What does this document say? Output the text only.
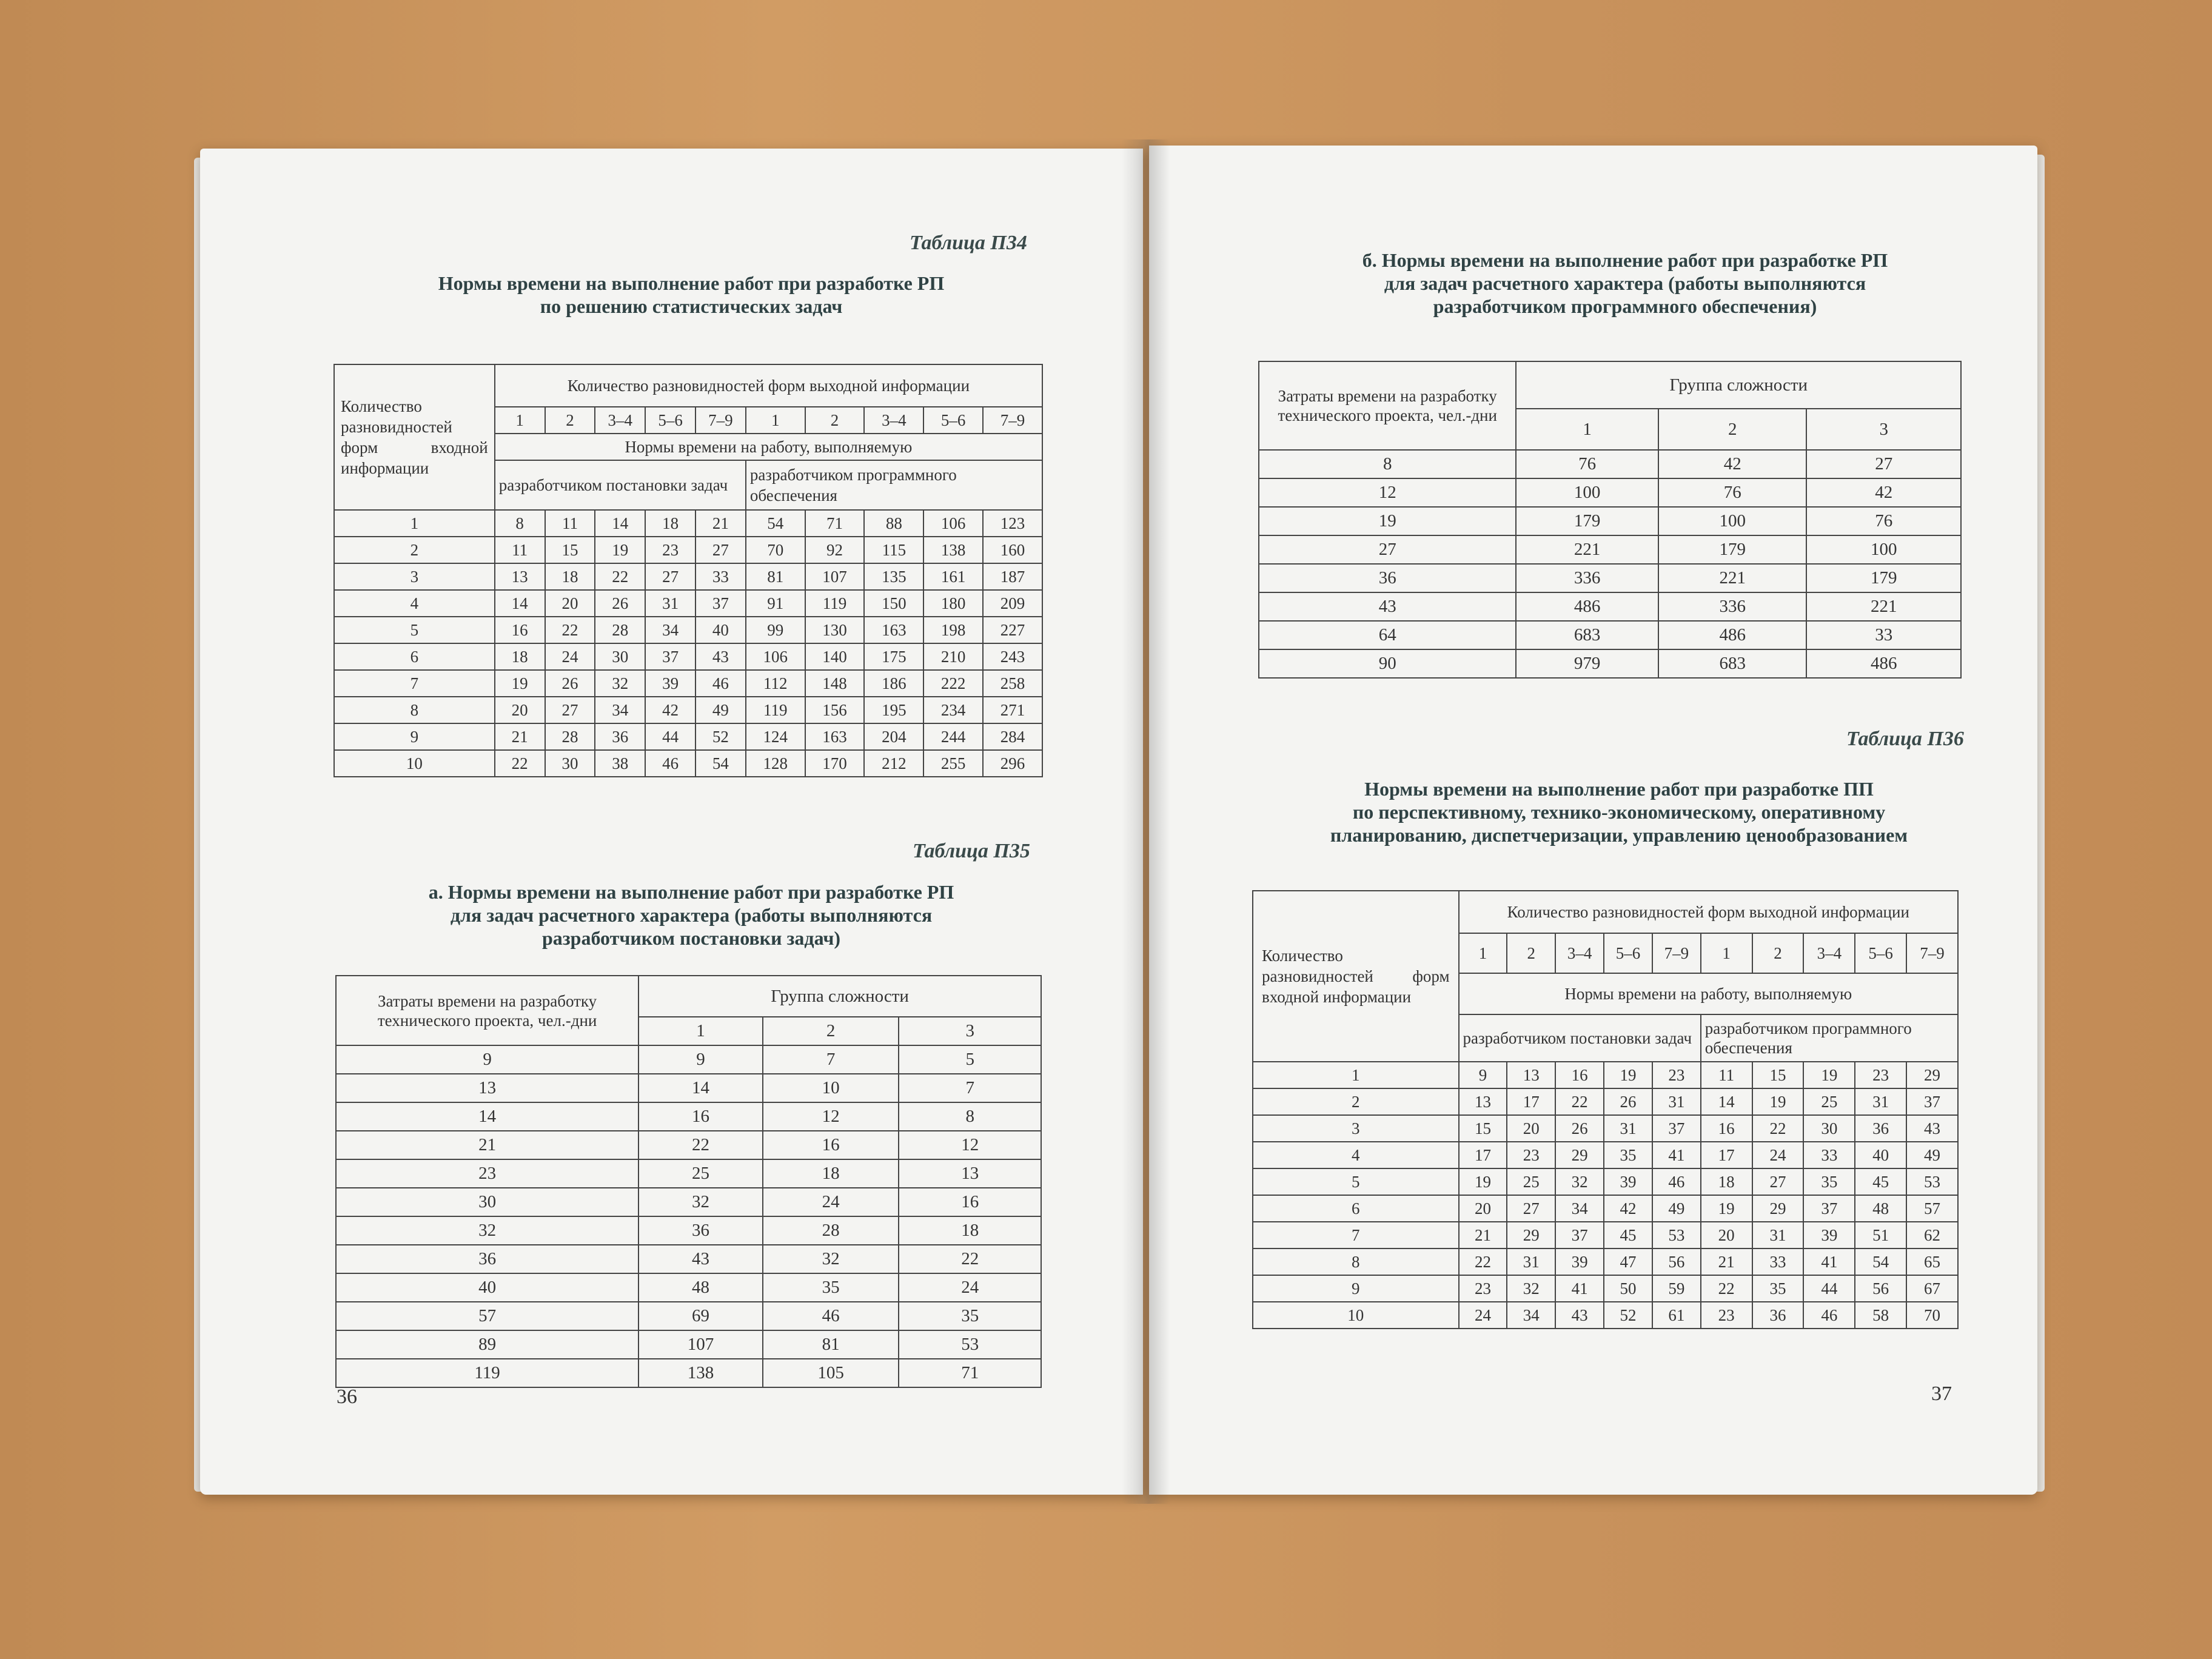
Таблица П34
Нормы времени на выполнение работ при разработке РП
по решению статистических задач
Количество разновидностей форм входной информации	Количество разновидностей форм выходной информации									
	1	2	3–4	5–6	7–9	1	2	3–4	5–6	7–9
	Нормы времени на работу, выполняемую									
	разработчиком постановки задач					разработчиком программного обеспечения				
1	8	11	14	18	21	54	71	88	106	123
2	11	15	19	23	27	70	92	115	138	160
3	13	18	22	27	33	81	107	135	161	187
4	14	20	26	31	37	91	119	150	180	209
5	16	22	28	34	40	99	130	163	198	227
6	18	24	30	37	43	106	140	175	210	243
7	19	26	32	39	46	112	148	186	222	258
8	20	27	34	42	49	119	156	195	234	271
9	21	28	36	44	52	124	163	204	244	284
10	22	30	38	46	54	128	170	212	255	296
Таблица П35
а. Нормы времени на выполнение работ при разработке РП
для задач расчетного характера (работы выполняются
разработчиком постановки задач)
Затраты времени на разработку технического проекта, чел.-дни	Группа сложности		
	1	2	3
9	9	7	5
13	14	10	7
14	16	12	8
21	22	16	12
23	25	18	13
30	32	24	16
32	36	28	18
36	43	32	22
40	48	35	24
57	69	46	35
89	107	81	53
119	138	105	71
36
б. Нормы времени на выполнение работ при разработке РП
для задач расчетного характера (работы выполняются
разработчиком программного обеспечения)
Затраты времени на разработку технического проекта, чел.-дни	Группа сложности		
	1	2	3
8	76	42	27
12	100	76	42
19	179	100	76
27	221	179	100
36	336	221	179
43	486	336	221
64	683	486	33
90	979	683	486
Таблица П36
Нормы времени на выполнение работ при разработке ПП
по перспективному, технико-экономическому, оперативному
планированию, диспетчеризации, управлению ценообразованием
Количество разновидностей форм входной информации	Количество разновидностей форм выходной информации									
	1	2	3–4	5–6	7–9	1	2	3–4	5–6	7–9
	Нормы времени на работу, выполняемую									
	разработчиком постановки задач					разработчиком программного обеспечения				
1	9	13	16	19	23	11	15	19	23	29
2	13	17	22	26	31	14	19	25	31	37
3	15	20	26	31	37	16	22	30	36	43
4	17	23	29	35	41	17	24	33	40	49
5	19	25	32	39	46	18	27	35	45	53
6	20	27	34	42	49	19	29	37	48	57
7	21	29	37	45	53	20	31	39	51	62
8	22	31	39	47	56	21	33	41	54	65
9	23	32	41	50	59	22	35	44	56	67
10	24	34	43	52	61	23	36	46	58	70
37
